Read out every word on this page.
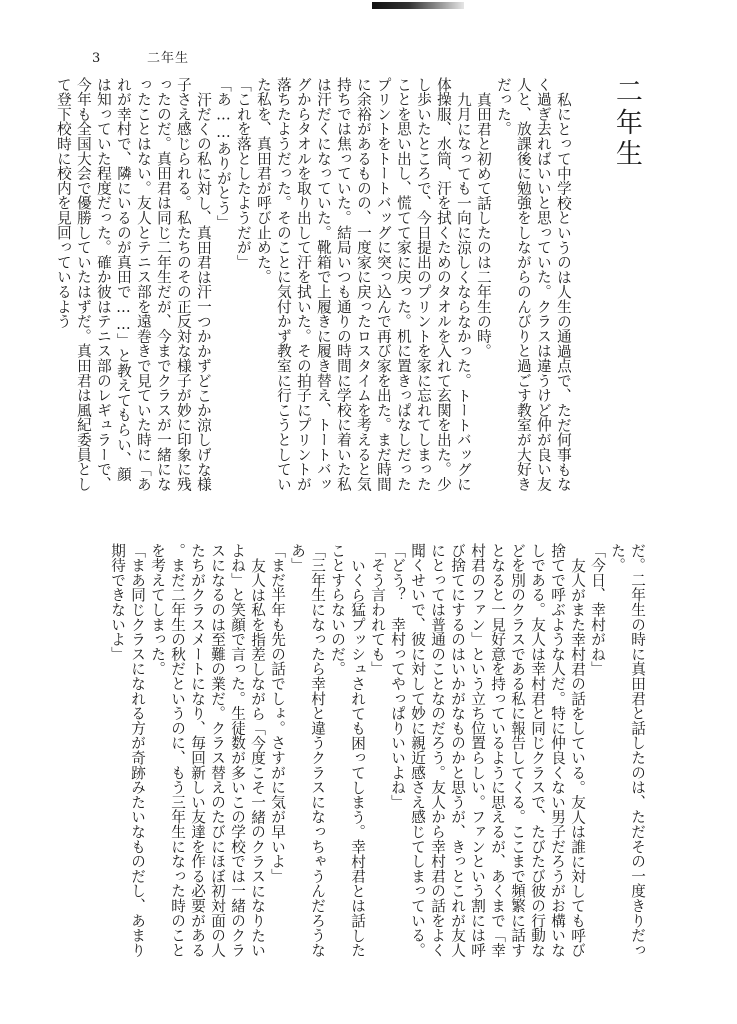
3	二年生
二年生

私にとって中学校というのは人生の通過点で、ただ何事もなく過ぎ去ればいいと思っていた。クラスは違うけど仲が良い友人と、放課後に勉強をしながらのんびりと過ごす教室が大好きだった。

真田君と初めて話したのは二年生の時。

九月になっても一向に涼しくならなかった。トートバッグに体操服、水筒、汗を拭くためのタオルを入れて玄関を出た。少し歩いたところで、今日提出のプリントを家に忘れてしまったことを思い出し、慌てて家に戻った。机に置きっぱなしだったプリントをトートバッグに突っ込んで再び家を出た。まだ時間に余裕があるものの、一度家に戻ったロスタイムを考えると気持ちでは焦っていた。結局いつも通りの時間に学校に着いた私は汗だくになっていた。靴箱で上履きに履き替え、トートバッグからタオルを取り出して汗を拭いた。その拍子にプリントが落ちたようだった。そのことに気付かず教室に行こうとしていた私を、真田君が呼び止めた。

「これを落としたようだが」

「あ……ありがとう」

汗だくの私に対し、真田君は汗一つかかずどこか涼しげな様子さえ感じられる。私たちのその正反対な様子が妙に印象に残ったのだ。真田君は同じ二年生だが、今までクラスが一緒になったことはない。友人とテニス部を遠巻きで見ていた時に「あれが幸村で、隣にいるのが真田で……」と教えてもらい、顔は知っていた程度だった。確か彼はテニス部のレギュラーで、今年も全国大会で優勝していたはずだ。真田君は風紀委員として登下校時に校内を見回っているよう

だ。二年生の時に真田君と話したのは、ただその一度きりだった。

「今日、幸村がね」

友人がまた幸村君の話をしている。友人は誰に対しても呼び捨てで呼ぶような人だ。特に仲良くない男子だろうがお構いなしである。友人は幸村君と同じクラスで、たびたび彼の行動などを別のクラスである私に報告してくる。ここまで頻繁に話すとなると一見好意を持っているように思えるが、あくまで「幸村君のファン」という立ち位置らしい。ファンという割には呼び捨てにするのはいかがなものかと思うが、きっとこれが友人にとっては普通のことなのだろう。友人から幸村君の話をよく聞くせいで、彼に対して妙に親近感さえ感じてしまっている。

「どう？　幸村ってやっぱりいいよね」

「そう言われても」

いくら猛プッシュされても困ってしまう。幸村君とは話したことすらないのだ。

「三年生になったら幸村と違うクラスになっちゃうんだろうなあ」

「まだ半年も先の話でしょ。さすがに気が早いよ」

友人は私を指差しながら「今度こそ一緒のクラスになりたいよね」と笑顔で言った。生徒数が多いこの学校では一緒のクラスになるのは至難の業だ。クラス替えのたびにほぼ初対面の人たちがクラスメートになり、毎回新しい友達を作る必要がある。まだ二年生の秋だというのに、もう三年生になった時のことを考えてしまった。

「まあ同じクラスになれる方が奇跡みたいなものだし、あまり期待できないよ」
